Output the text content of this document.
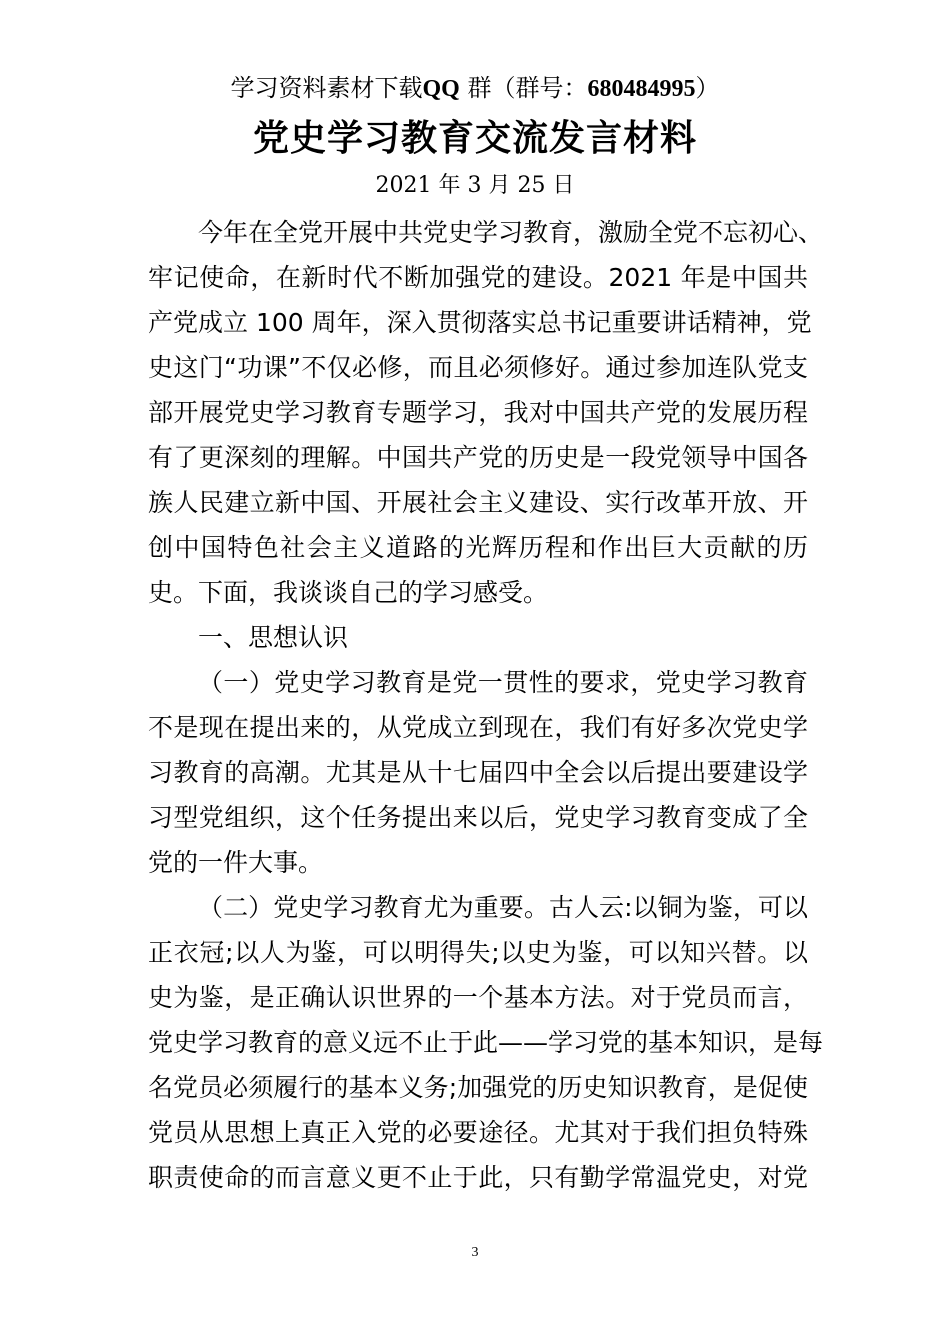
学习资料素材下载QQ 群（群号：680484995）
党史学习教育交流发言材料
2021 年 3 月 25 日
今年在全党开展中共党史学习教育，激励全党不忘初心、
牢记使命，在新时代不断加强党的建设。2021 年是中国共
产党成立 100 周年，深入贯彻落实总书记重要讲话精神，党
史这门“功课”不仅必修，而且必须修好。通过参加连队党支
部开展党史学习教育专题学习，我对中国共产党的发展历程
有了更深刻的理解。中国共产党的历史是一段党领导中国各
族人民建立新中国、开展社会主义建设、实行改革开放、开
创中国特色社会主义道路的光辉历程和作出巨大贡献的历
史。下面，我谈谈自己的学习感受。
一、思想认识
（一）党史学习教育是党一贯性的要求，党史学习教育
不是现在提出来的，从党成立到现在，我们有好多次党史学
习教育的高潮。尤其是从十七届四中全会以后提出要建设学
习型党组织，这个任务提出来以后，党史学习教育变成了全
党的一件大事。
（二）党史学习教育尤为重要。古人云:以铜为鉴，可以
正衣冠;以人为鉴，可以明得失;以史为鉴，可以知兴替。以
史为鉴，是正确认识世界的一个基本方法。对于党员而言，
党史学习教育的意义远不止于此——学习党的基本知识，是每
名党员必须履行的基本义务;加强党的历史知识教育，是促使
党员从思想上真正入党的必要途径。尤其对于我们担负特殊
职责使命的而言意义更不止于此，只有勤学常温党史，对党
3
